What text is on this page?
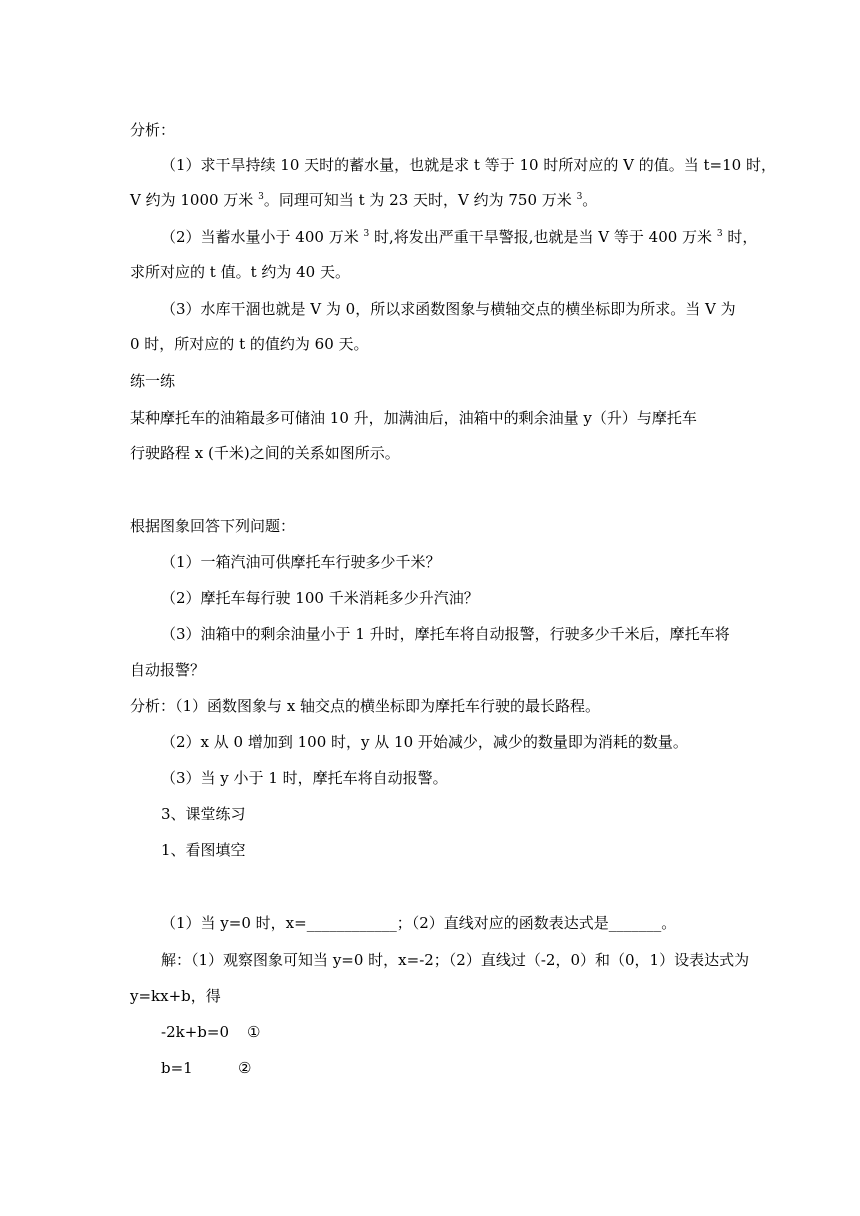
分析：
（1）求干旱持续 10 天时的蓄水量，也就是求 t 等于 10 时所对应的 V 的值。当 t=10 时，
V 约为 1000 万米 $^3$。同理可知当 t 为 23 天时，V 约为 750 万米 $^3$。
（2）当蓄水量小于 400 万米 $^3$ 时,将发出严重干旱警报,也就是当 V 等于 400 万米 $^3$ 时，
求所对应的 t 值。t 约为 40 天。
（3）水库干涸也就是 V 为 0，所以求函数图象与横轴交点的横坐标即为所求。当 V 为
0 时，所对应的 t 的值约为 60 天。
练一练
某种摩托车的油箱最多可储油 10 升，加满油后，油箱中的剩余油量 y（升）与摩托车
行驶路程 x (千米)之间的关系如图所示。
根据图象回答下列问题：
（1）一箱汽油可供摩托车行驶多少千米？
（2）摩托车每行驶 100 千米消耗多少升汽油？
（3）油箱中的剩余油量小于 1 升时，摩托车将自动报警，行驶多少千米后，摩托车将
自动报警？
分析：（1）函数图象与 x 轴交点的横坐标即为摩托车行驶的最长路程。
（2）x 从 0 增加到 100 时，y 从 10 开始减少，减少的数量即为消耗的数量。
（3）当 y 小于 1 时，摩托车将自动报警。
3、课堂练习
1、看图填空
（1）当 y=0 时，x=____________；（2）直线对应的函数表达式是_______。
解：（1）观察图象可知当 y=0 时，x=-2；（2）直线过（-2，0）和（0，1）设表达式为
y=kx+b，得
-2k+b=0 ①
b=1	②
